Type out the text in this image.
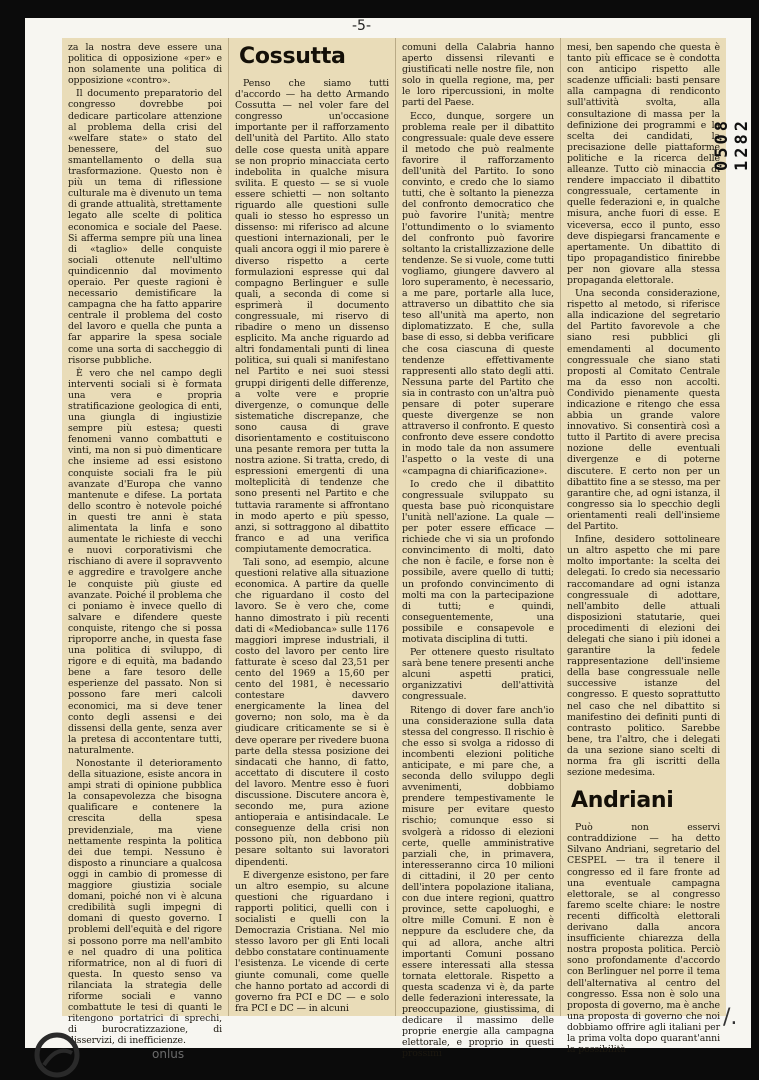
-5-

za la nostra deve essere una politica di opposizione «per» e non solamente una politica di opposizione «contro».

Il documento preparatorio del congresso dovrebbe poi dedicare particolare attenzione al problema della crisi del «welfare state» o stato del benessere, del suo smantellamento o della sua trasformazione. Questo non è più un tema di riflessione culturale ma è divenuto un tema di grande attualità, strettamente legato alle scelte di politica economica e sociale del Paese. Si afferma sempre più una linea di «taglio» delle conquiste sociali ottenute nell'ultimo quindicennio dal movimento operaio. Per queste ragioni è necessario demistificare la campagna che ha fatto apparire centrale il problema del costo del lavoro e quella che punta a far apparire la spesa sociale come una sorta di saccheggio di risorse pubbliche.

È vero che nel campo degli interventi sociali si è formata una vera e propria stratificazione geologica di enti, una giungla di ingiustizie sempre più estesa; questi fenomeni vanno combattuti e vinti, ma non si può dimenticare che insieme ad essi esistono conquiste sociali fra le più avanzate d'Europa che vanno mantenute e difese. La portata dello scontro è notevole poiché in questi tre anni è stata alimentata la linfa e sono aumentate le richieste di vecchi e nuovi corporativismi che rischiano di avere il sopravvento e aggredire e travolgere anche le conquiste più giuste ed avanzate. Poiché il problema che ci poniamo è invece quello di salvare e difendere queste conquiste, ritengo che si possa riproporre anche, in questa fase una politica di sviluppo, di rigore e di equità, ma badando bene a fare tesoro delle esperienze del passato. Non si possono fare meri calcoli economici, ma si deve tener conto degli assensi e dei dissensi della gente, senza aver la pretesa di accontentare tutti, naturalmente.

Nonostante il deterioramento della situazione, esiste ancora in ampi strati di opinione pubblica la consapevolezza che bisogna qualificare e contenere la crescita della spesa previdenziale, ma viene nettamente respinta la politica dei due tempi. Nessuno è disposto a rinunciare a qualcosa oggi in cambio di promesse di maggiore giustizia sociale domani, poiché non vi è alcuna credibilità sugli impegni di domani di questo governo. I problemi dell'equità e del rigore si possono porre ma nell'ambito e nel quadro di una politica riformatrice, non al di fuori di questa. In questo senso va rilanciata la strategia delle riforme sociali e vanno combattute le tesi di quanti le ritengono portatrici di sprechi, di burocratizzazione, di disservizi, di inefficienze.

Cossutta

Penso che siamo tutti d'accordo — ha detto Armando Cossutta — nel voler fare del congresso un'occasione importante per il rafforzamento dell'unità del Partito. Allo stato delle cose questa unità appare se non proprio minacciata certo indebolita in qualche misura svilita. E questo — se si vuole essere schietti — non soltanto riguardo alle questioni sulle quali io stesso ho espresso un dissenso: mi riferisco ad alcune questioni internazionali, per le quali ancora oggi il mio parere è diverso rispetto a certe formulazioni espresse qui dal compagno Berlinguer e sulle quali, a seconda di come si esprimerà il documento congressuale, mi riservo di ribadire o meno un dissenso esplicito. Ma anche riguardo ad altri fondamentali punti di linea politica, sui quali si manifestano nel Partito e nei suoi stessi gruppi dirigenti delle differenze, a volte vere e proprie divergenze, o comunque delle sistematiche discrepanze, che sono causa di grave disorientamento e costituiscono una pesante remora per tutta la nostra azione. Si tratta, credo, di espressioni emergenti di una molteplicità di tendenze che sono presenti nel Partito e che tuttavia raramente si affrontano in modo aperto e più spesso, anzi, si sottraggono al dibattito franco e ad una verifica compiutamente democratica.

Tali sono, ad esempio, alcune questioni relative alla situazione economica. A partire da quelle che riguardano il costo del lavoro. Se è vero che, come hanno dimostrato i più recenti dati di «Mediobanca» sulle 1176 maggiori imprese industriali, il costo del lavoro per cento lire fatturate è sceso dal 23,51 per cento del 1969 a 15,60 per cento del 1981, è necessario contestare davvero energicamente la linea del governo; non solo, ma è da giudicare criticamente se si è deve operare per rivedere buona parte della stessa posizione dei sindacati che hanno, di fatto, accettato di discutere il costo del lavoro. Mentre esso è fuori discussione. Discutere ancora è, secondo me, pura azione antioperaia e antisindacale. Le conseguenze della crisi non possono più, non debbono più pesare soltanto sui lavoratori dipendenti.

E divergenze esistono, per fare un altro esempio, su alcune questioni che riguardano i rapporti politici, quelli con i socialisti e quelli con la Democrazia Cristiana. Nel mio stesso lavoro per gli Enti locali debbo constatare continuamente l'esistenza. Le vicende di certe giunte comunali, come quelle che hanno portato ad accordi di governo fra PCI e DC — e solo fra PCI e DC — in alcuni

comuni della Calabria hanno aperto dissensi rilevanti e giustificati nelle nostre file, non solo in quella regione, ma, per le loro ripercussioni, in molte parti del Paese.

Ecco, dunque, sorgere un problema reale per il dibattito congressuale: quale deve essere il metodo che può realmente favorire il rafforzamento dell'unità del Partito. Io sono convinto, e credo che lo siamo tutti, che è soltanto la pienezza del confronto democratico che può favorire l'unità; mentre l'ottundimento o lo sviamento del confronto può favorire soltanto la cristallizzazione delle tendenze. Se si vuole, come tutti vogliamo, giungere davvero al loro superamento, è necessario, a me pare, portarle alla luce, attraverso un dibattito che sia teso all'unità ma aperto, non diplomatizzato. E che, sulla base di esso, si debba verificare che cosa ciascuna di queste tendenze effettivamente rappresenti allo stato degli atti. Nessuna parte del Partito che sia in contrasto con un'altra può pensare di poter superare queste divergenze se non attraverso il confronto. E questo confronto deve essere condotto in modo tale da non assumere l'aspetto o la veste di una «campagna di chiarificazione».

Io credo che il dibattito congressuale sviluppato su questa base può riconquistare l'unità nell'azione. La quale — per poter essere efficace — richiede che vi sia un profondo convincimento di molti, dato che non è facile, e forse non è possibile, avere quello di tutti; un profondo convincimento di molti ma con la partecipazione di tutti; e quindi, conseguentemente, una possibile e consapevole e motivata disciplina di tutti.

Per ottenere questo risultato sarà bene tenere presenti anche alcuni aspetti pratici, organizzativi dell'attività congressuale.

Ritengo di dover fare anch'io una considerazione sulla data stessa del congresso. Il rischio è che esso si svolga a ridosso di incombenti elezioni politiche anticipate, e mi pare che, a seconda dello sviluppo degli avvenimenti, dobbiamo prendere tempestivamente le misure per evitare questo rischio; comunque esso si svolgerà a ridosso di elezioni certe, quelle amministrative parziali che, in primavera, interesseranno circa 10 milioni di cittadini, il 20 per cento dell'intera popolazione italiana, con due intere regioni, quattro province, sette capoluoghi, e oltre mille Comuni. E non è neppure da escludere che, da qui ad allora, anche altri importanti Comuni possano essere interessati alla stessa tornata elettorale. Rispetto a questa scadenza vi è, da parte delle federazioni interessate, la preoccupazione, giustissima, di dedicare il massimo delle proprie energie alla campagna elettorale, e proprio in questi prossimi

mesi, ben sapendo che questa è tanto più efficace se è condotta con anticipo rispetto alle scadenze ufficiali: basti pensare alla campagna di rendiconto sull'attività svolta, alla consultazione di massa per la definizione dei programmi e la scelta dei candidati, la precisazione delle piattaforme politiche e la ricerca delle alleanze. Tutto ciò minaccia di rendere impacciato il dibattito congressuale, certamente in quelle federazioni e, in qualche misura, anche fuori di esse. E viceversa, ecco il punto, esso deve dispiegarsi francamente e apertamente. Un dibattito di tipo propagandistico finirebbe per non giovare alla stessa propaganda elettorale.

Una seconda considerazione, rispetto al metodo, si riferisce alla indicazione del segretario del Partito favorevole a che siano resi pubblici gli emendamenti al documento congressuale che siano stati proposti al Comitato Centrale ma da esso non accolti. Condivido pienamente questa indicazione e ritengo che essa abbia un grande valore innovativo. Si consentirà così a tutto il Partito di avere precisa nozione delle eventuali divergenze e di poterne discutere. E certo non per un dibattito fine a se stesso, ma per garantire che, ad ogni istanza, il congresso sia lo specchio degli orientamenti reali dell'insieme del Partito.

Infine, desidero sottolineare un altro aspetto che mi pare molto importante: la scelta dei delegati. Io credo sia necessario raccomandare ad ogni istanza congressuale di adottare, nell'ambito delle attuali disposizioni statutarie, quei procedimenti di elezioni dei delegati che siano i più idonei a garantire la fedele rappresentazione dell'insieme della base congressuale nelle successive istanze del congresso. E questo soprattutto nel caso che nel dibattito si manifestino dei definiti punti di contrasto politico. Sarebbe bene, tra l'altro, che i delegati da una sezione siano scelti di norma fra gli iscritti della sezione medesima.

Andriani

Può non esservi contraddizione — ha detto Silvano Andriani, segretario del CESPEL — tra il tenere il congresso ed il fare fronte ad una eventuale campagna elettorale, se al congresso faremo scelte chiare: le nostre recenti difficoltà elettorali derivano dalla ancora insufficiente chiarezza della nostra proposta politica. Perciò sono profondamente d'accordo con Berlinguer nel porre il tema dell'alternativa al centro del congresso. Essa non è solo una proposta di governo, ma è anche una proposta di governo che noi dobbiamo offrire agli italiani per la prima volta dopo quarant'anni la possibilità

0508 1282
/.
onlus
